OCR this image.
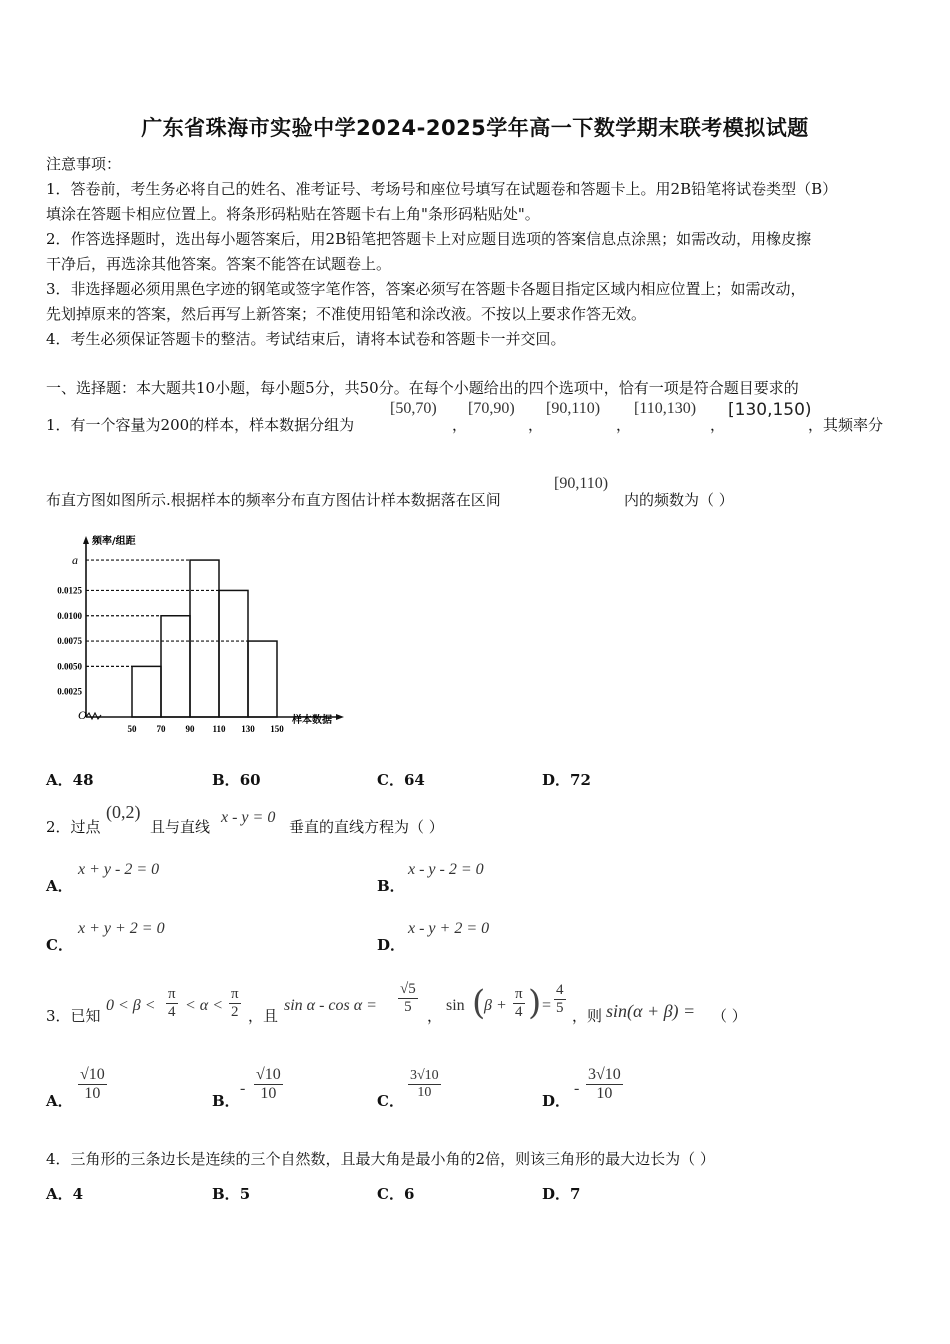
广东省珠海市实验中学2024-2025学年高一下数学期末联考模拟试题
注意事项：
1．答卷前，考生务必将自己的姓名、准考证号、考场号和座位号填写在试题卷和答题卡上。用2B铅笔将试卷类型（B）
填涂在答题卡相应位置上。将条形码粘贴在答题卡右上角"条形码粘贴处"。
2．作答选择题时，选出每小题答案后，用2B铅笔把答题卡上对应题目选项的答案信息点涂黑；如需改动，用橡皮擦
干净后，再选涂其他答案。答案不能答在试题卷上。
3．非选择题必须用黑色字迹的钢笔或签字笔作答，答案必须写在答题卡各题目指定区域内相应位置上；如需改动，
先划掉原来的答案，然后再写上新答案；不准使用铅笔和涂改液。不按以上要求作答无效。
4．考生必须保证答题卡的整洁。考试结束后，请将本试卷和答题卡一并交回。
一、选择题：本大题共10小题，每小题5分，共50分。在每个小题给出的四个选项中，恰有一项是符合题目要求的
1．有一个容量为200的样本，样本数据分组为
[50,70)
，
[70,90)
，
[90,110)
，
[110,130)
，
[130,150)
，其频率分
布直方图如图所示.根据样本的频率分布直方图估计样本数据落在区间
[90,110)
内的频数为（ ）
O
频率/组距
样本数据
0.0025
0.0050
0.0075
0.0100
0.0125
a
50 70 90 110 130 150
A．48	B．60	C．64	D．72
2．过点
(0,2)
且与直线
x - y = 0
垂直的直线方程为（ ）
A．
x + y - 2 = 0
B．
x - y - 2 = 0
C．
x + y + 2 = 0
D．
x - y + 2 = 0
3．已知
$0 < \beta < \frac{\pi}{4} < \alpha < \frac{\pi}{2}$ ，且
$\sin \alpha - \cos \alpha = \frac{√5}{5}$ ，
sin (
$\beta + \frac{\pi}{4}$ ) = $\frac{4}{5}$ ，则 sin(α + β) = （ ）
A． $\frac{√10}{10}$	B．
- $\frac{√10}{10}$	C． $\frac{3√10}{10}$	D．
- $\frac{3√10}{10}$
4．三角形的三条边长是连续的三个自然数，且最大角是最小角的2倍，则该三角形的最大边长为（ ）
A．4	B．5	C．6	D．7
